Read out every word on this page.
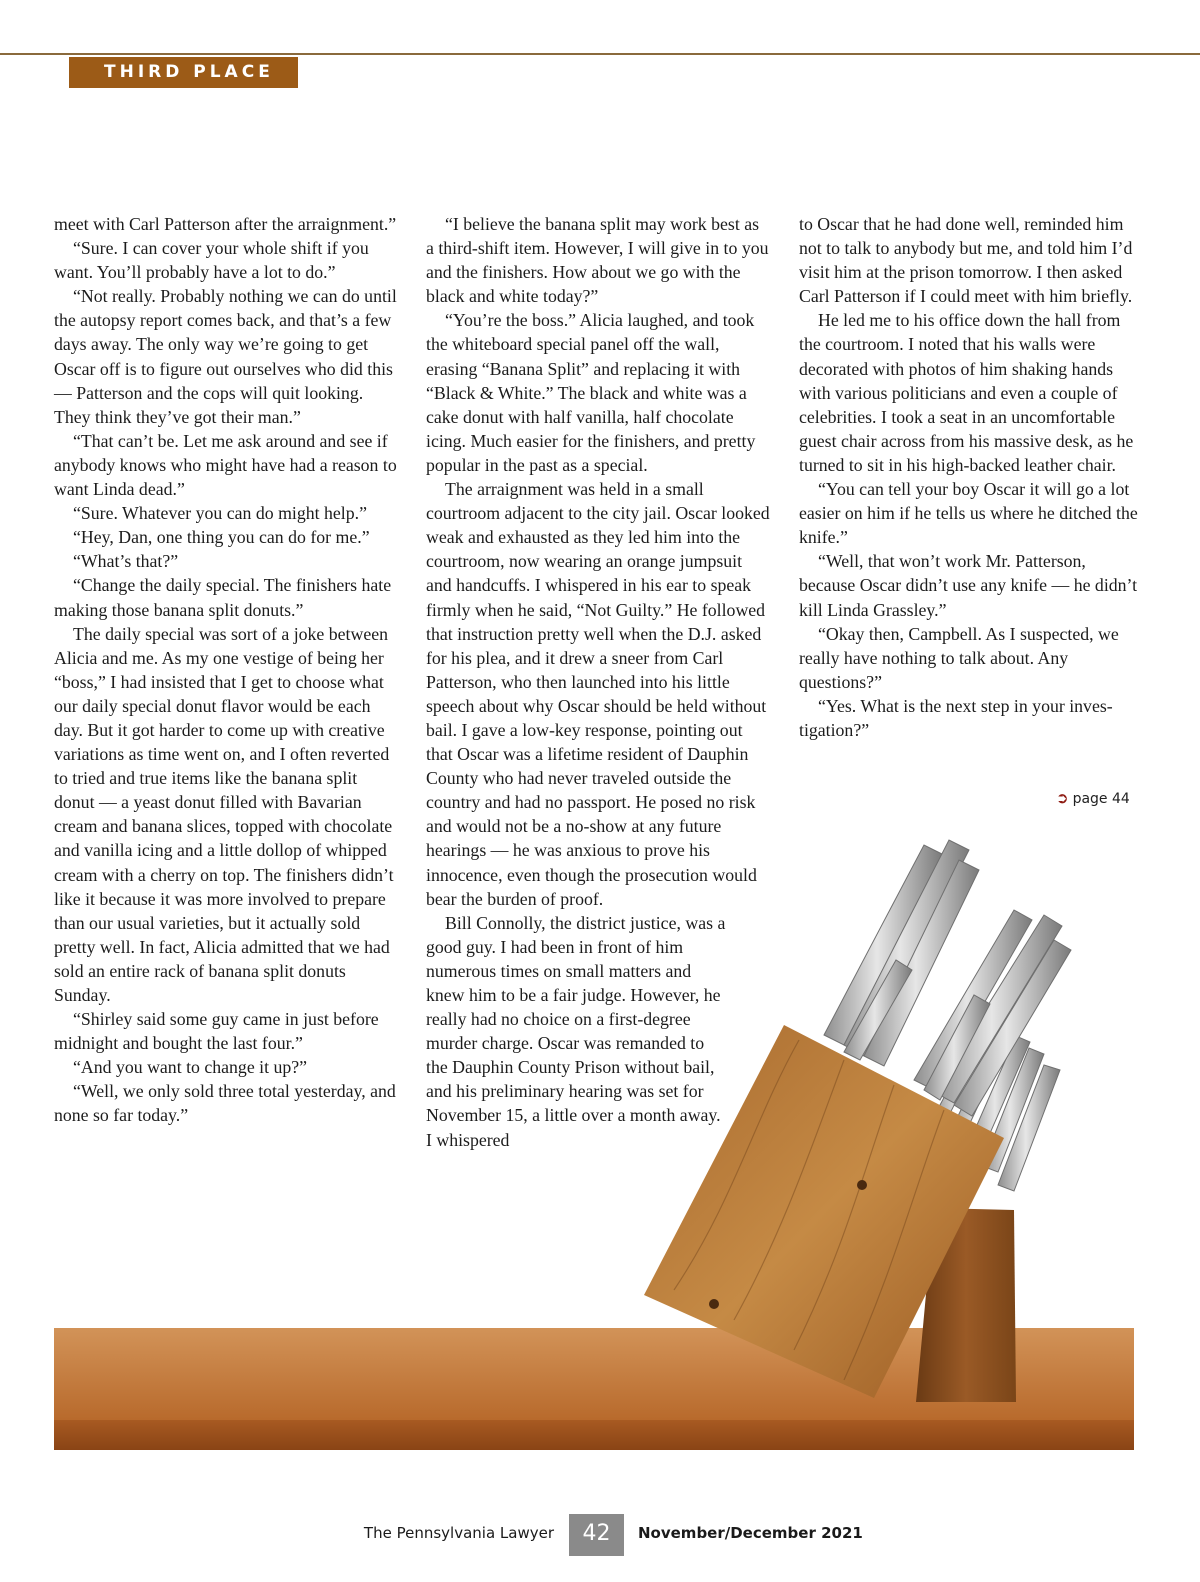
THIRD PLACE

meet with Carl Patterson after the arraignment.”

“Sure. I can cover your whole shift if you want. You’ll probably have a lot to do.”

“Not really. Probably nothing we can do until the autopsy report comes back, and that’s a few days away. The only way we’re going to get Oscar off is to figure out ourselves who did this — Patterson and the cops will quit looking. They think they’ve got their man.”

“That can’t be. Let me ask around and see if anybody knows who might have had a reason to want Linda dead.”

“Sure. Whatever you can do might help.”

“Hey, Dan, one thing you can do for me.”

“What’s that?”

“Change the daily special. The finishers hate making those banana split donuts.”

The daily special was sort of a joke between Alicia and me. As my one vestige of being her “boss,” I had insisted that I get to choose what our daily special donut flavor would be each day. But it got harder to come up with creative variations as time went on, and I often reverted to tried and true items like the banana split donut — a yeast donut filled with Bavarian cream and banana slices, topped with chocolate and vanilla icing and a little dollop of whipped cream with a cherry on top. The finishers didn’t like it because it was more involved to prepare than our usual varieties, but it actually sold pretty well. In fact, Alicia admitted that we had sold an entire rack of banana split donuts Sunday.

“Shirley said some guy came in just before midnight and bought the last four.”

“And you want to change it up?”

“Well, we only sold three total yesterday, and none so far today.”

“I believe the banana split may work best as a third-shift item. However, I will give in to you and the finishers. How about we go with the black and white today?”

“You’re the boss.” Alicia laughed, and took the whiteboard special panel off the wall, erasing “Banana Split” and replacing it with “Black & White.” The black and white was a cake donut with half vanilla, half chocolate icing. Much easier for the finishers, and pretty popular in the past as a special.

The arraignment was held in a small courtroom adjacent to the city jail. Oscar looked weak and exhausted as they led him into the courtroom, now wearing an orange jumpsuit and handcuffs. I whispered in his ear to speak firmly when he said, “Not Guilty.” He followed that instruction pretty well when the D.J. asked for his plea, and it drew a sneer from Carl Patterson, who then launched into his little speech about why Oscar should be held without bail. I gave a low-key response, pointing out that Oscar was a lifetime resident of Dauphin County who had never traveled outside the country and had no passport. He posed no risk and would not be a no-show at any future hearings — he was anxious to prove his innocence, even though the prosecution would bear the burden of proof.

Bill Connolly, the district justice, was a good guy. I had been in front of him numerous times on small matters and knew him to be a fair judge. However, he really had no choice on a first-degree murder charge. Oscar was remanded to the Dauphin County Prison without bail, and his preliminary hearing was set for November 15, a little over a month away. I whispered

to Oscar that he had done well, reminded him not to talk to anybody but me, and told him I’d visit him at the prison tomorrow. I then asked Carl Patterson if I could meet with him briefly.

He led me to his office down the hall from the courtroom. I noted that his walls were decorated with photos of him shaking hands with various politicians and even a couple of celebrities. I took a seat in an uncomfortable guest chair across from his massive desk, as he turned to sit in his high-backed leather chair.

“You can tell your boy Oscar it will go a lot easier on him if he tells us where he ditched the knife.”

“Well, that won’t work Mr. Patterson, because Oscar didn’t use any knife — he didn’t kill Linda Grassley.”

“Okay then, Campbell. As I suspected, we really have nothing to talk about. Any questions?”

“Yes. What is the next step in your investigation?”

➲ page 44
The Pennsylvania Lawyer	42	November/December 2021
